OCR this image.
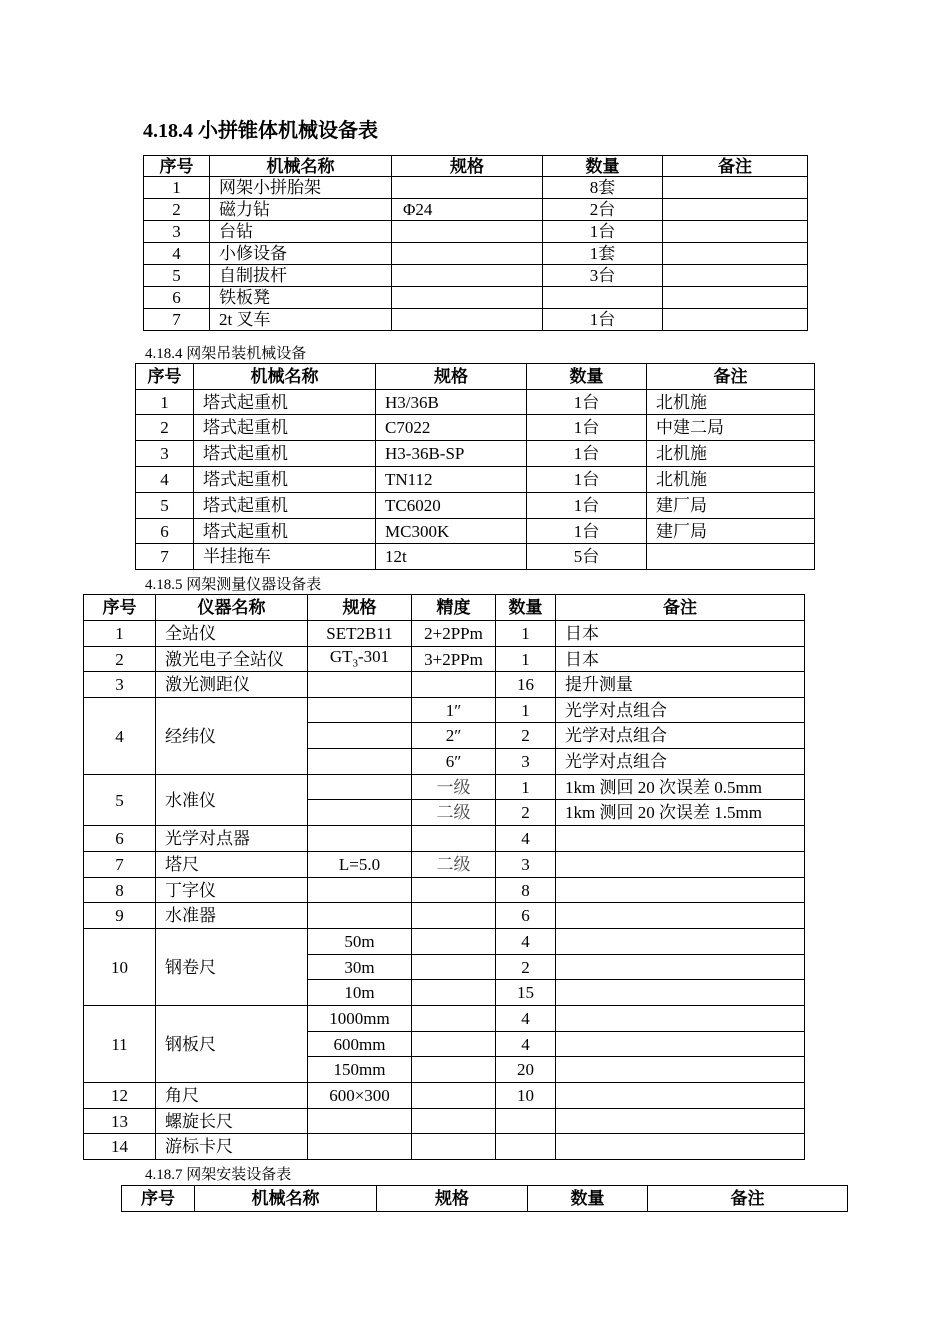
4.18.4 小拼锥体机械设备表
序号	机械名称	规格	数量	备注
1	网架小拼胎架		8套	
2	磁力钻	Φ24	2台	
3	台钻		1台	
4	小修设备		1套	
5	自制拔杆		3台	
6	铁板凳			
7	2t 叉车		1台	
4.18.4 网架吊装机械设备
序号	机械名称	规格	数量	备注
1	塔式起重机	H3/36B	1台	北机施
2	塔式起重机	C7022	1台	中建二局
3	塔式起重机	H3-36B-SP	1台	北机施
4	塔式起重机	TN112	1台	北机施
5	塔式起重机	TC6020	1台	建厂局
6	塔式起重机	MC300K	1台	建厂局
7	半挂拖车	12t	5台	
4.18.5 网架测量仪器设备表
序号	仪器名称	规格	精度	数量	备注
1	全站仪	SET2B11	2+2PPm	1	日本
2	激光电子全站仪	$GT_3-301$	3+2PPm	1	日本
3	激光测距仪			16	提升测量
4	经纬仪		1″	1	光学对点组合
			2″	2	光学对点组合
			6″	3	光学对点组合
5	水准仪		一级	1	1km 测回 20 次误差 0.5mm
			二级	2	1km 测回 20 次误差 1.5mm
6	光学对点器			4	
7	塔尺	L=5.0	二级	3	
8	丁字仪			8	
9	水准器			6	
10	钢卷尺	50m		4	
		30m		2	
		10m		15	
11	钢板尺	1000mm		4	
		600mm		4	
		150mm		20	
12	角尺	600×300		10	
13	螺旋长尺				
14	游标卡尺				
4.18.7 网架安装设备表
序号	机械名称	规格	数量	备注
